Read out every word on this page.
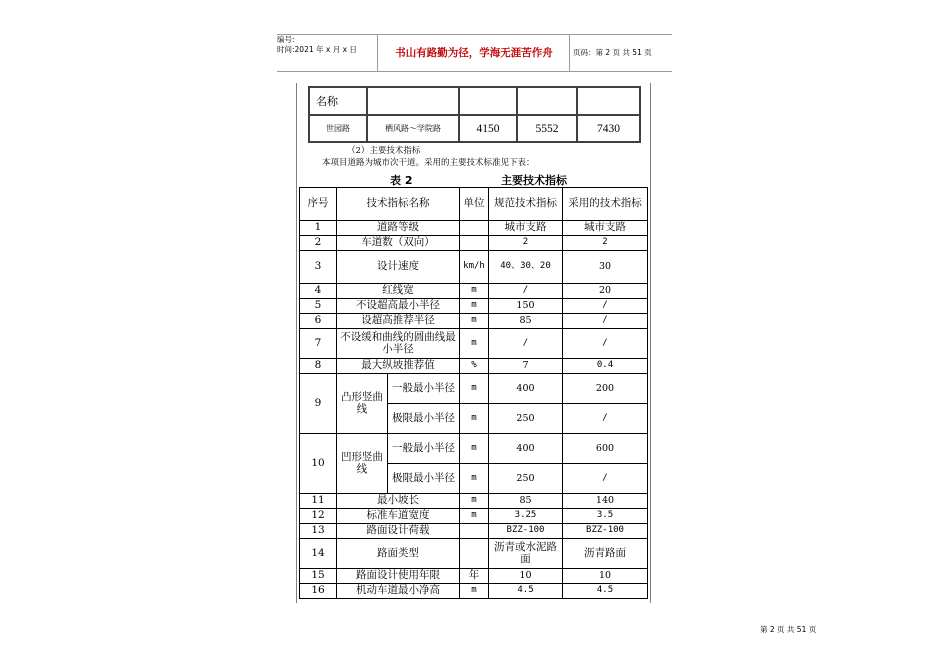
编号:
时间:2021 年 x 月 x 日	书山有路勤为径，学海无涯苦作舟	页码：第 2 页 共 51 页
名称				
世园路	栖风路～学院路	4150	5552	7430
（2）主要技术指标
本项目道路为城市次干道。采用的主要技术标准见下表：
表 2	主要技术指标
序号	技术指标名称		单位	规范技术指标	采用的技术指标
1	道路等级			城市支路	城市支路
2	车道数（双向）			2	2
3	设计速度		km/h	40、30、20	30
4	红线宽		m	/	20
5	不设超高最小半径		m	150	/
6	设超高推荐半径		m	85	/
7	不设缓和曲线的圆曲线最小半径		m	/	/
8	最大纵坡推荐值		%	7	0.4
9	凸形竖曲线	一般最小半径	m	400	200
		极限最小半径	m	250	/
10	凹形竖曲线	一般最小半径	m	400	600
		极限最小半径	m	250	/
11	最小坡长		m	85	140
12	标准车道宽度		m	3.25	3.5
13	路面设计荷载			BZZ-100	BZZ-100
14	路面类型			沥青或水泥路面	沥青路面
15	路面设计使用年限		年	10	10
16	机动车道最小净高		m	4.5	4.5
第 2 页 共 51 页
